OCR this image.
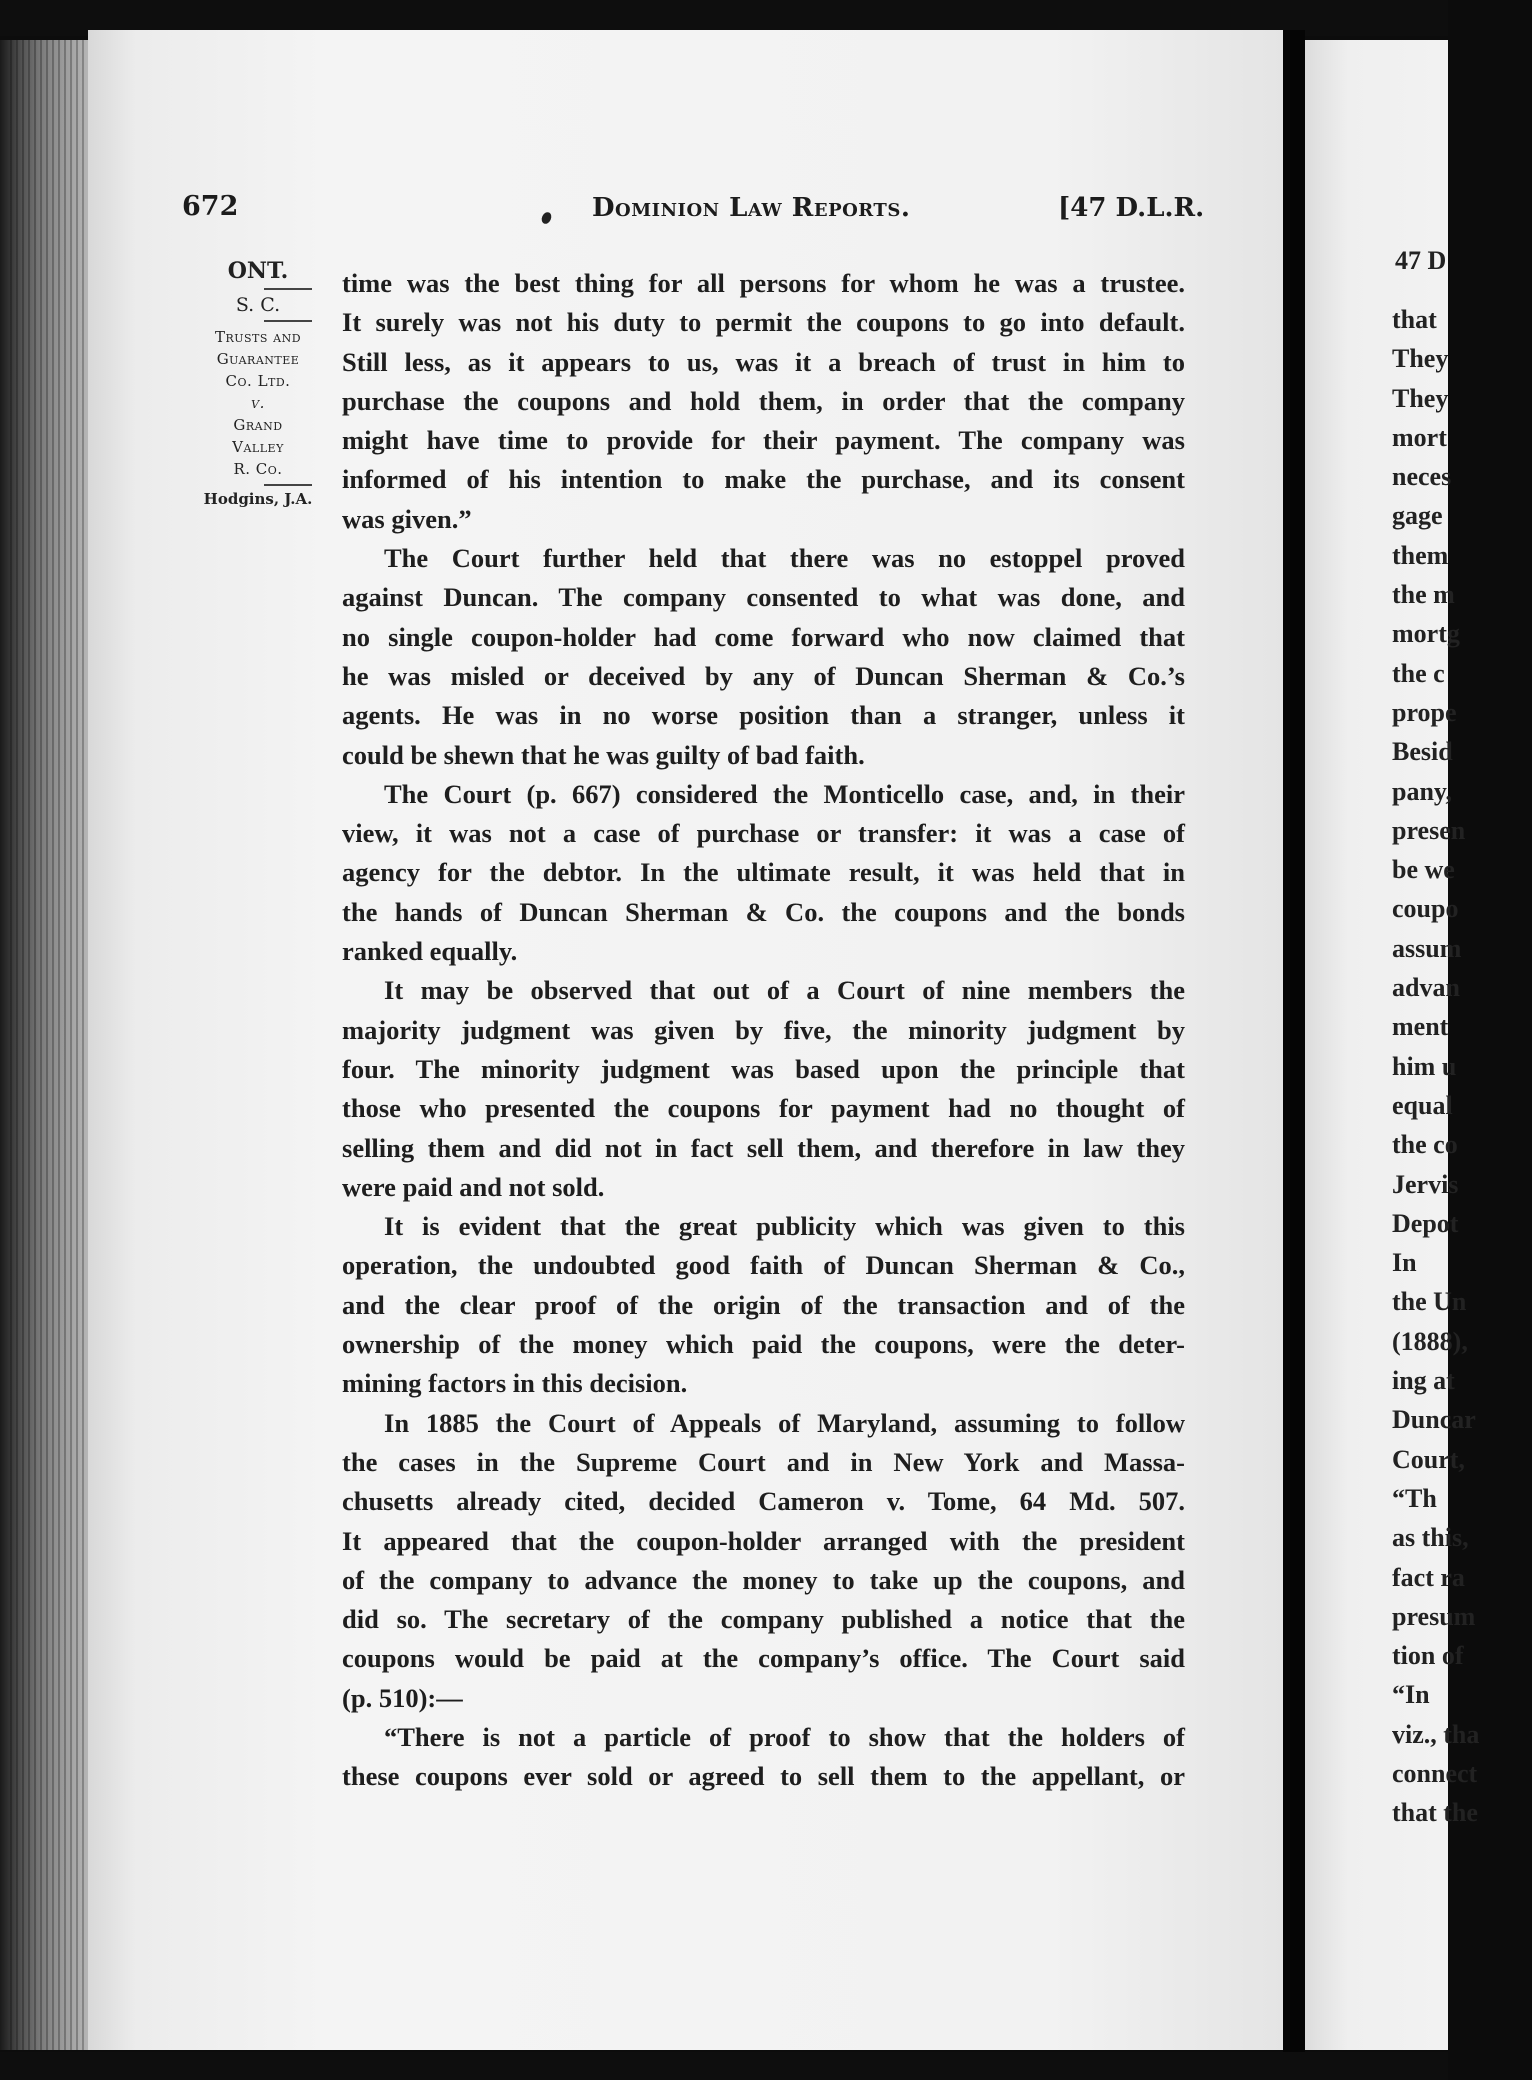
672	Dominion Law Reports.	[47 D.L.R.
ONT.
S. C.
Trusts and
Guarantee
Co. Ltd.
v.
Grand
Valley
R. Co.
Hodgins, J.A.
time was the best thing for all persons for whom he was a trustee.
It surely was not his duty to permit the coupons to go into default.
Still less, as it appears to us, was it a breach of trust in him to
purchase the coupons and hold them, in order that the company
might have time to provide for their payment. The company was
informed of his intention to make the purchase, and its consent
was given.”
The Court further held that there was no estoppel proved
against Duncan. The company consented to what was done, and
no single coupon-holder had come forward who now claimed that
he was misled or deceived by any of Duncan Sherman & Co.’s
agents. He was in no worse position than a stranger, unless it
could be shewn that he was guilty of bad faith.
The Court (p. 667) considered the Monticello case, and, in their
view, it was not a case of purchase or transfer: it was a case of
agency for the debtor. In the ultimate result, it was held that in
the hands of Duncan Sherman & Co. the coupons and the bonds
ranked equally.
It may be observed that out of a Court of nine members the
majority judgment was given by five, the minority judgment by
four. The minority judgment was based upon the principle that
those who presented the coupons for payment had no thought of
selling them and did not in fact sell them, and therefore in law they
were paid and not sold.
It is evident that the great publicity which was given to this
operation, the undoubted good faith of Duncan Sherman & Co.,
and the clear proof of the origin of the transaction and of the
ownership of the money which paid the coupons, were the deter-
mining factors in this decision.
In 1885 the Court of Appeals of Maryland, assuming to follow
the cases in the Supreme Court and in New York and Massa-
chusetts already cited, decided Cameron v. Tome, 64 Md. 507.
It appeared that the coupon-holder arranged with the president
of the company to advance the money to take up the coupons, and
did so. The secretary of the company published a notice that the
coupons would be paid at the company’s office. The Court said
(p. 510):—
“There is not a particle of proof to show that the holders of
these coupons ever sold or agreed to sell them to the appellant, or
47 D
that
They
They
mort
neces
gage
them
the m
mortg
the c
prope
Besid
pany,
presen
be we
coupo
assum
advan
ment
him u
equal
the co
Jervis
Depot
In
the Un
(1888),
ing at
Duncar
Court,
“Th
as this,
fact ra
presum
tion of
“In
viz., tha
connect
that the
